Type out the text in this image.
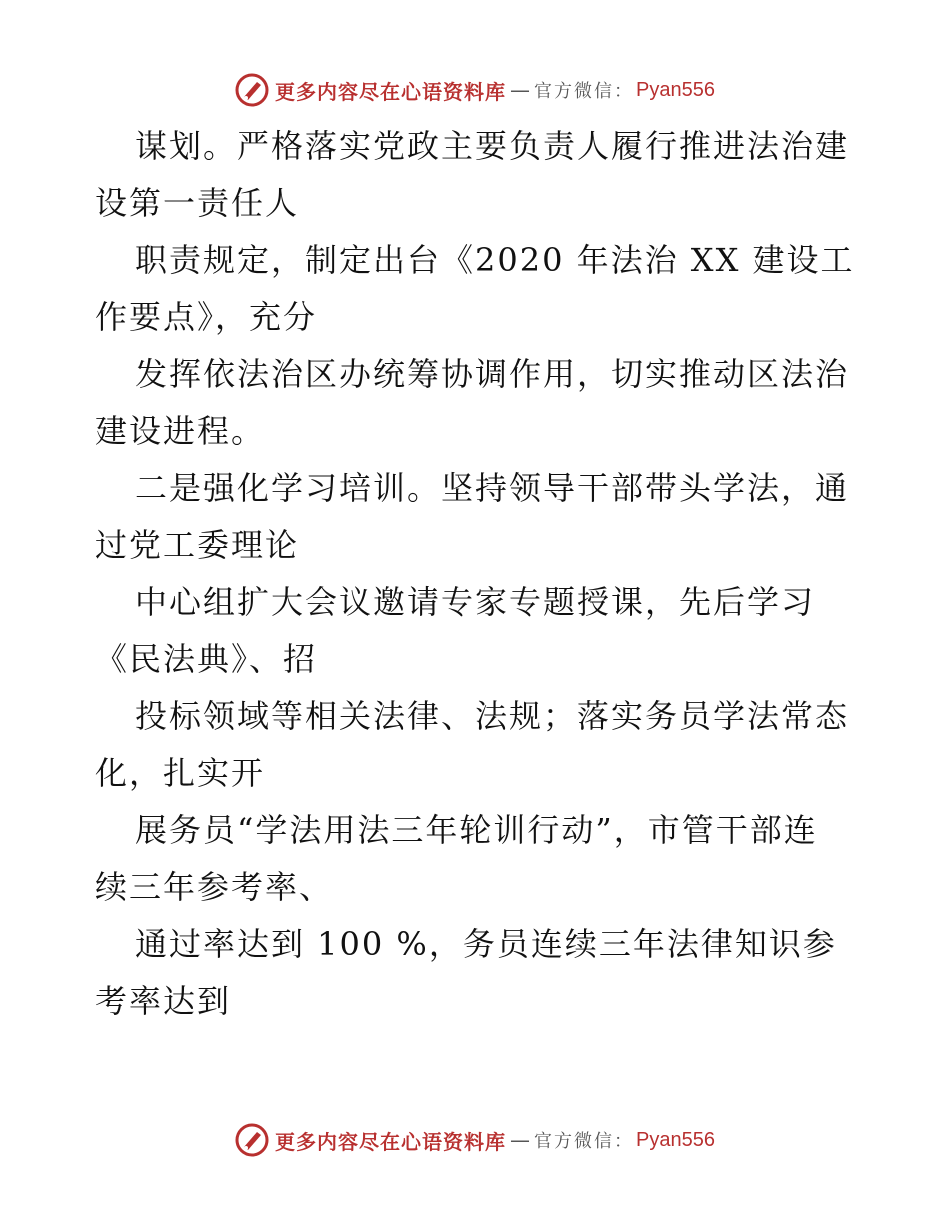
更多内容尽在心语资料库 — 官方微信： Pyan556
谋划。严格落实党政主要负责人履行推进法治建
设第一责任人
职责规定，制定出台《2020 年法治 XX 建设工
作要点》，充分
发挥依法治区办统筹协调作用，切实推动区法治
建设进程。
二是强化学习培训。坚持领导干部带头学法，通
过党工委理论
中心组扩大会议邀请专家专题授课，先后学习
《民法典》、招
投标领域等相关法律、法规；落实务员学法常态
化，扎实开
展务员“学法用法三年轮训行动”，市管干部连
续三年参考率、
通过率达到 100 %，务员连续三年法律知识参
考率达到
更多内容尽在心语资料库 — 官方微信： Pyan556
